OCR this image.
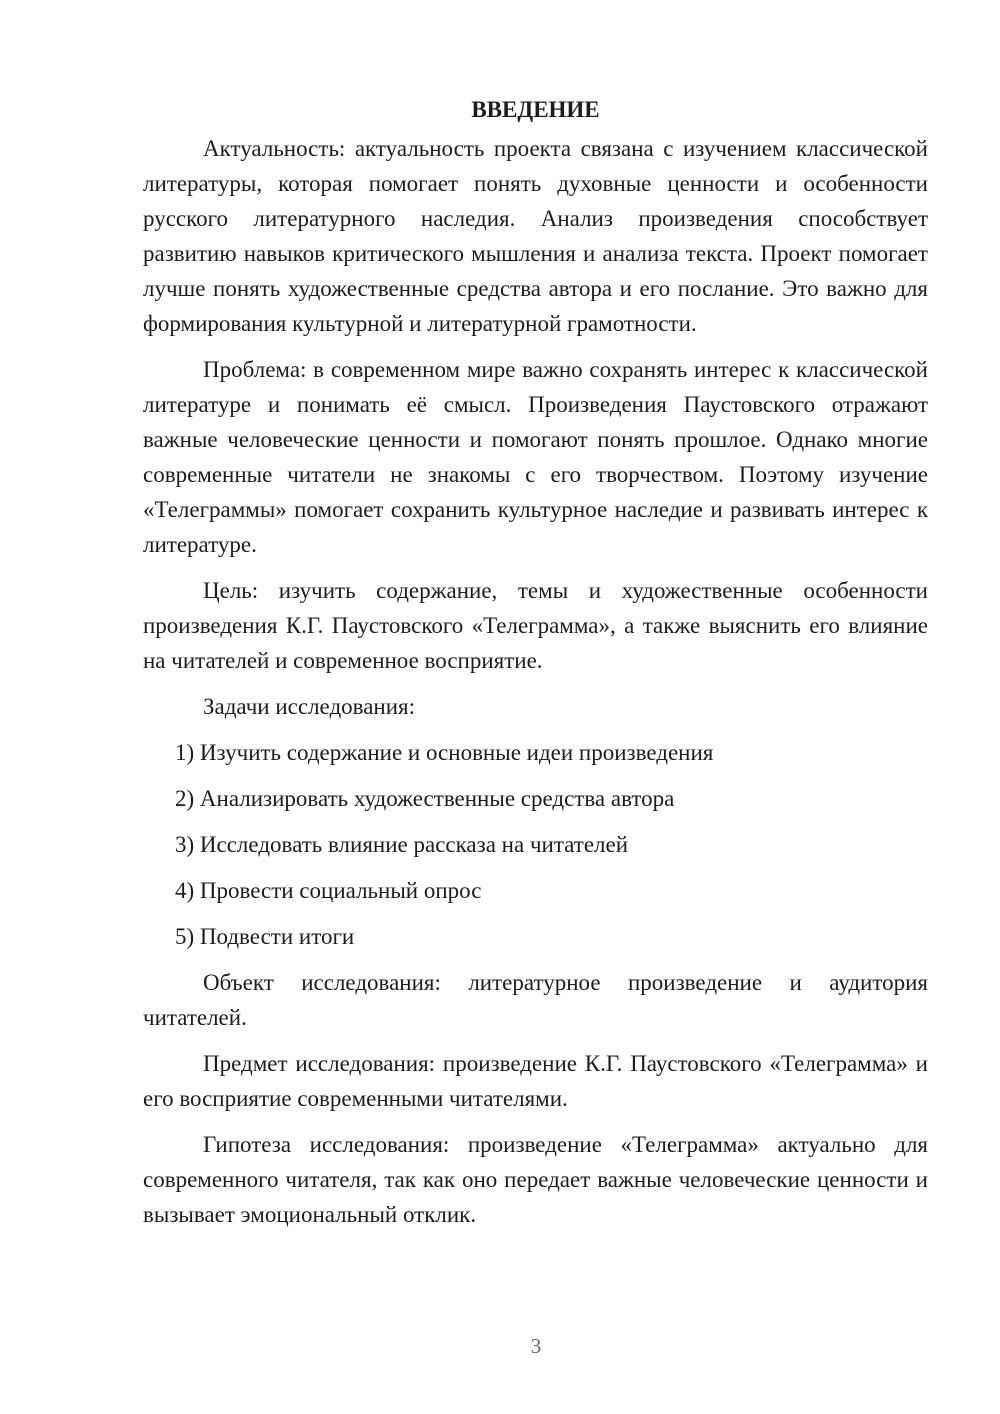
ВВЕДЕНИЕ

Актуальность: актуальность проекта связана с изучением классической литературы, которая помогает понять духовные ценности и особенности русского литературного наследия. Анализ произведения способствует развитию навыков критического мышления и анализа текста. Проект помогает лучше понять художественные средства автора и его послание. Это важно для формирования культурной и литературной грамотности.

Проблема: в современном мире важно сохранять интерес к классической литературе и понимать её смысл. Произведения Паустовского отражают важные человеческие ценности и помогают понять прошлое. Однако многие современные читатели не знакомы с его творчеством. Поэтому изучение «Телеграммы» помогает сохранить культурное наследие и развивать интерес к литературе.

Цель: изучить содержание, темы и художественные особенности произведения К.Г. Паустовского «Телеграмма», а также выяснить его влияние на читателей и современное восприятие.

Задачи исследования:

1) Изучить содержание и основные идеи произведения
2) Анализировать художественные средства автора
3) Исследовать влияние рассказа на читателей
4) Провести социальный опрос
5) Подвести итоги

Объект исследования: литературное произведение и аудитория читателей.

Предмет исследования: произведение К.Г. Паустовского «Телеграмма» и его восприятие современными читателями.

Гипотеза исследования: произведение «Телеграмма» актуально для современного читателя, так как оно передает важные человеческие ценности и вызывает эмоциональный отклик.

3
